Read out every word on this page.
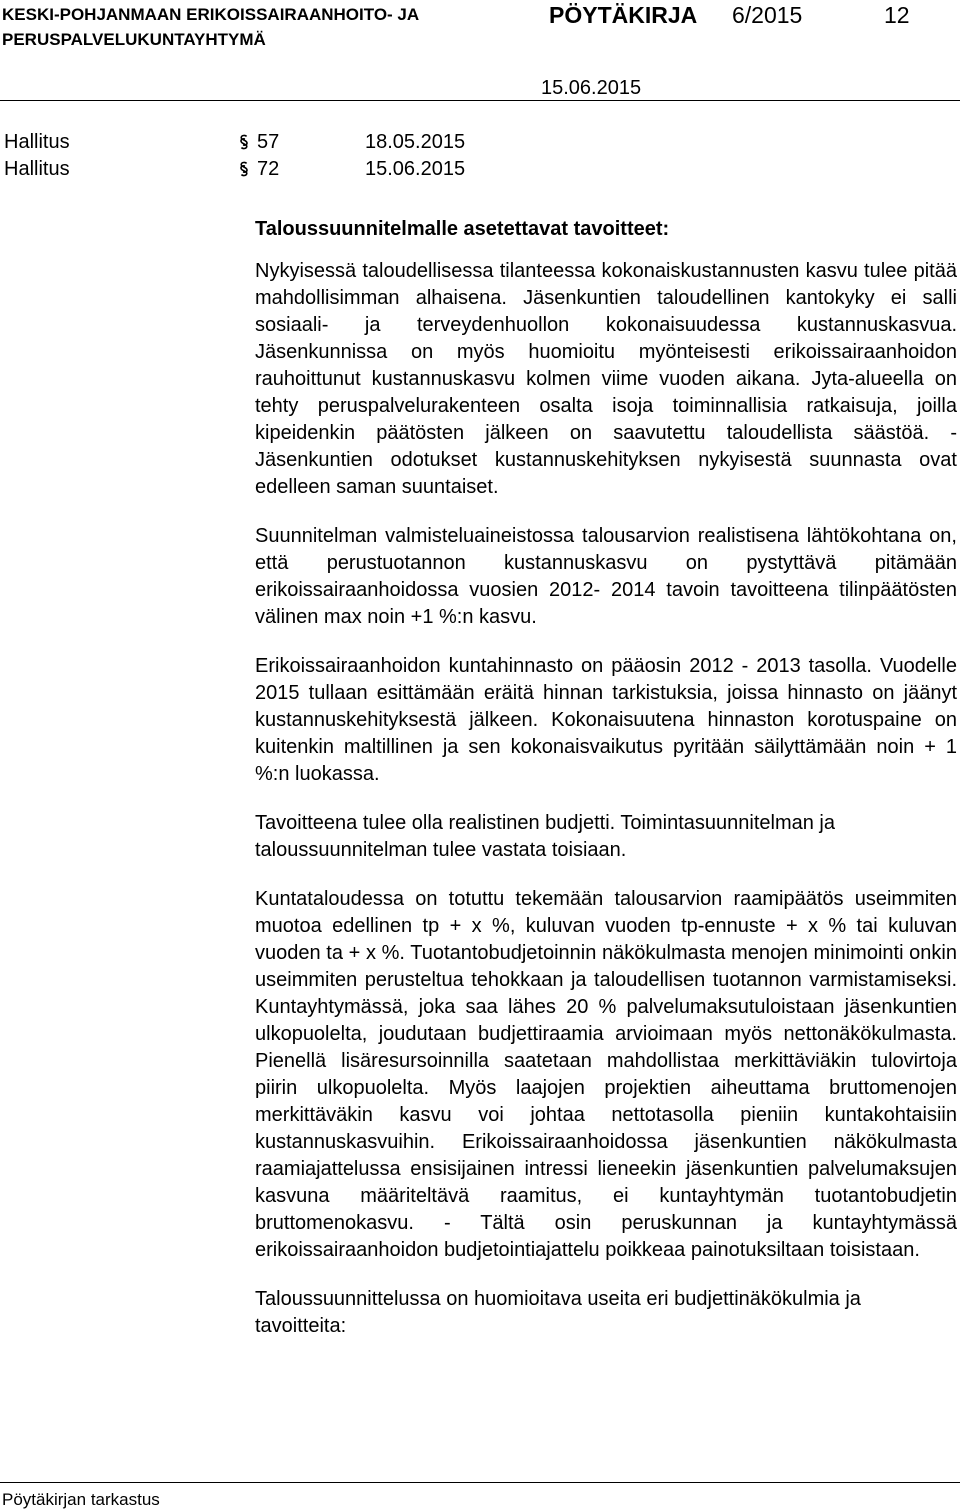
KESKI-POHJANMAAN ERIKOISSAIRAANHOITO- JA
PERUSPALVELUKUNTAYHTYMÄ
PÖYTÄKIRJA 6/2015	12
15.06.2015
Hallitus	57	18.05.2015
Hallitus	72	15.06.2015

Taloussuunnitelmalle asetettavat tavoitteet:

Nykyisessä taloudellisessa tilanteessa kokonaiskustannusten kasvu tulee pitää mahdollisimman alhaisena. Jäsenkuntien taloudellinen kantokyky ei salli sosiaali- ja terveydenhuollon kokonaisuudessa kustannuskasvua. Jäsenkunnissa on myös huomioitu myönteisesti erikoissairaanhoidon rauhoittunut kustannuskasvu kolmen viime vuoden aikana. Jyta-alueella on tehty peruspalvelurakenteen osalta isoja toiminnallisia ratkaisuja, joilla kipeidenkin päätösten jälkeen on saavutettu taloudellista säästöä. - Jäsenkuntien odotukset kustannuskehityksen nykyisestä suunnasta ovat edelleen saman suuntaiset.

Suunnitelman valmisteluaineistossa talousarvion realistisena lähtökohtana on, että perustuotannon kustannuskasvu on pystyttävä pitämään erikoissairaanhoidossa vuosien 2012- 2014 tavoin tavoitteena tilinpäätösten välinen max noin +1 %:n kasvu.

Erikoissairaanhoidon kuntahinnasto on pääosin 2012 - 2013 tasolla. Vuodelle 2015 tullaan esittämään eräitä hinnan tarkistuksia, joissa hinnasto on jäänyt kustannuskehityksestä jälkeen. Kokonaisuutena hinnaston korotuspaine on kuitenkin maltillinen ja sen kokonaisvaikutus pyritään säilyttämään noin + 1 %:n luokassa.

Tavoitteena tulee olla realistinen budjetti. Toimintasuunnitelman ja taloussuunnitelman tulee vastata toisiaan.

Kuntataloudessa on totuttu tekemään talousarvion raamipäätös useimmiten muotoa edellinen tp + x %, kuluvan vuoden tp-ennuste + x % tai kuluvan vuoden ta + x %. Tuotantobudjetoinnin näkökulmasta menojen minimointi onkin useimmiten perusteltua tehokkaan ja taloudellisen tuotannon varmistamiseksi. Kuntayhtymässä, joka saa lähes 20 % palvelumaksutuloistaan jäsenkuntien ulkopuolelta, joudutaan budjettiraamia arvioimaan myös nettonäkökulmasta. Pienellä lisäresursoinnilla saatetaan mahdollistaa merkittäviäkin tulovirtoja piirin ulkopuolelta. Myös laajojen projektien aiheuttama bruttomenojen merkittäväkin kasvu voi johtaa nettotasolla pieniin kuntakohtaisiin kustannuskasvuihin. Erikoissairaanhoidossa jäsenkuntien näkökulmasta raamiajattelussa ensisijainen intressi lieneekin jäsenkuntien palvelumaksujen kasvuna määriteltävä raamitus, ei kuntayhtymän tuotantobudjetin bruttomenokasvu. - Tältä osin peruskunnan ja kuntayhtymässä erikoissairaanhoidon budjetointiajattelu poikkeaa painotuksiltaan toisistaan.

Taloussuunnittelussa on huomioitava useita eri budjettinäkökulmia ja tavoitteita:

Pöytäkirjan tarkastus
